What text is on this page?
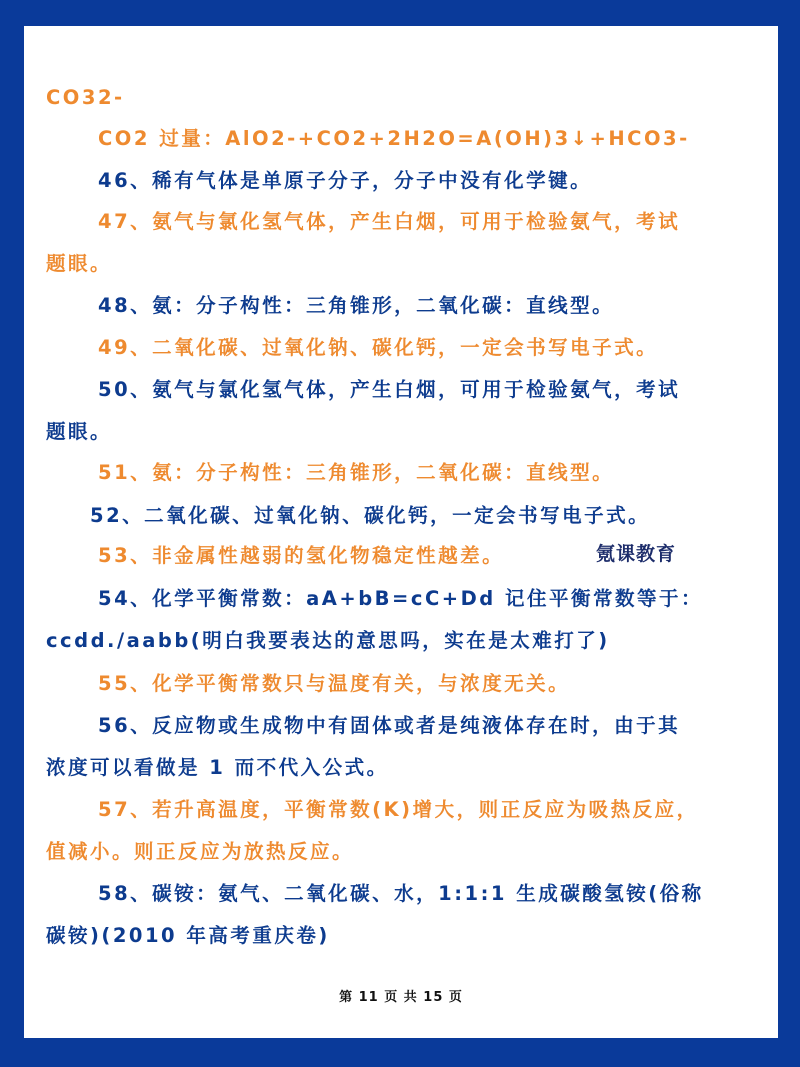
CO32-
CO2 过量：AlO2-+CO2+2H2O=A(OH)3↓+HCO3-
46、稀有气体是单原子分子，分子中没有化学键。
47、氨气与氯化氢气体，产生白烟，可用于检验氨气，考试
题眼。
48、氨：分子构性：三角锥形，二氧化碳：直线型。
49、二氧化碳、过氧化钠、碳化钙，一定会书写电子式。
50、氨气与氯化氢气体，产生白烟，可用于检验氨气，考试
题眼。
51、氨：分子构性：三角锥形，二氧化碳：直线型。
52、二氧化碳、过氧化钠、碳化钙，一定会书写电子式。
53、非金属性越弱的氢化物稳定性越差。	氪课教育
54、化学平衡常数：aA+bB=cC+Dd 记住平衡常数等于：
ccdd./aabb(明白我要表达的意思吗，实在是太难打了)
55、化学平衡常数只与温度有关，与浓度无关。
56、反应物或生成物中有固体或者是纯液体存在时，由于其
浓度可以看做是 1 而不代入公式。
57、若升高温度，平衡常数(K)增大，则正反应为吸热反应，
值减小。则正反应为放热反应。
58、碳铵：氨气、二氧化碳、水，1:1:1 生成碳酸氢铵(俗称
碳铵)(2010 年高考重庆卷)
第 11 页 共 15 页
